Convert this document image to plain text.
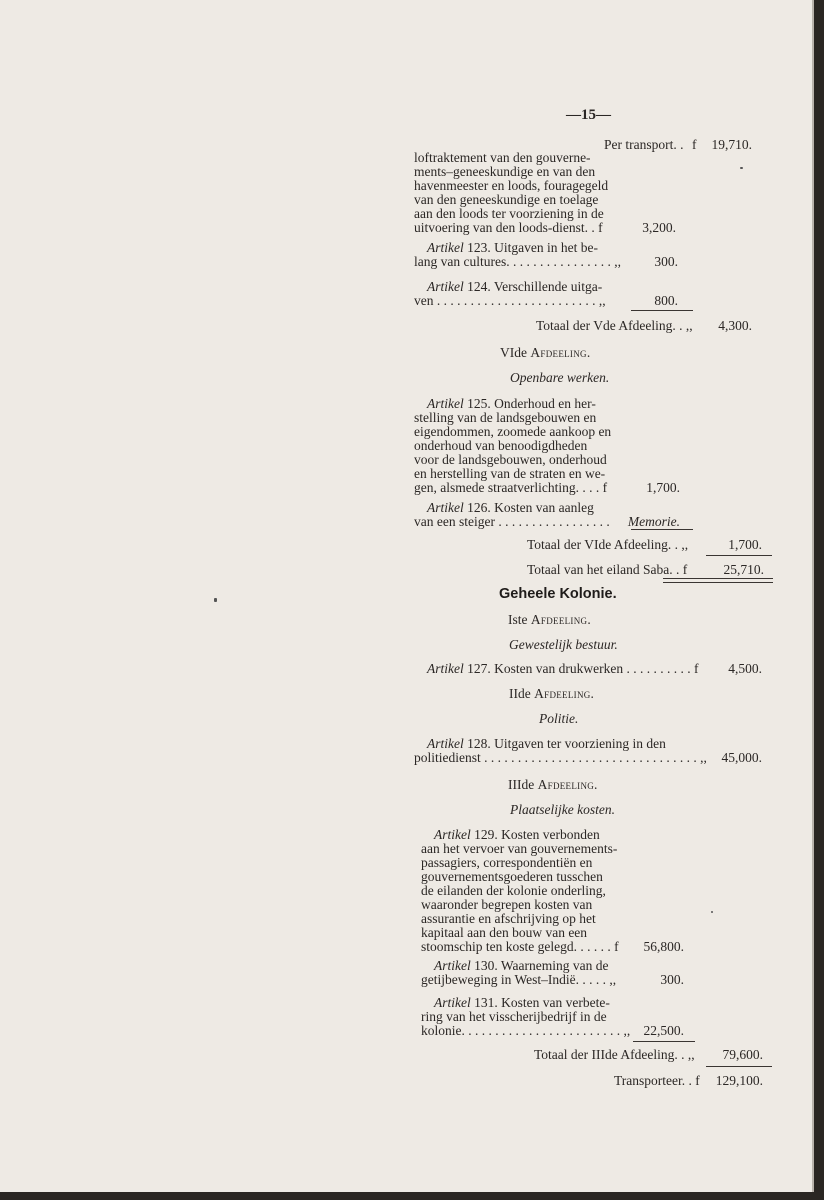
—15—
Per transport. . f	19,710.
loftraktement van den gouverne-
ments–geneeskundige en van den
havenmeester en loods, fouragegeld
van den geneeskundige en toelage
aan den loods ter voorziening in de
uitvoering van den loods-dienst. . f	3,200.
Artikel 123. Uitgaven in het be-
lang van cultures. . . . . . . . . . . . . . . . ,,	300.
Artikel 124. Verschillende uitga-
ven . . . . . . . . . . . . . . . . . . . . . . . . ,,	800.
Totaal der Vde Afdeeling. . ,,	4,300.
VIde Afdeeling.
Openbare werken.
Artikel 125. Onderhoud en her-
stelling van de landsgebouwen en
eigendommen, zoomede aankoop en
onderhoud van benoodigdheden
voor de landsgebouwen, onderhoud
en herstelling van de straten en we-
gen, alsmede straatverlichting. . . . f	1,700.
Artikel 126. Kosten van aanleg
van een steiger . . . . . . . . . . . . . . . . .	Memorie.
Totaal der VIde Afdeeling. . ,,	1,700.
Totaal van het eiland Saba. . f	25,710.
Geheele Kolonie.
Iste Afdeeling.
Gewestelijk bestuur.
Artikel 127. Kosten van drukwerken . . . . . . . . . . f	4,500.
IIde Afdeeling.
Politie.
Artikel 128. Uitgaven ter voorziening in den
politiedienst . . . . . . . . . . . . . . . . . . . . . . . . . . . . . . . . ,,	45,000.
IIIde Afdeeling.
Plaatselijke kosten.
Artikel 129. Kosten verbonden
aan het vervoer van gouvernements-
passagiers, correspondentiën en
gouvernementsgoederen tusschen
de eilanden der kolonie onderling,
waaronder begrepen kosten van
assurantie en afschrijving op het
kapitaal aan den bouw van een
stoomschip ten koste gelegd. . . . . . f	56,800.
Artikel 130. Waarneming van de
getijbeweging in West–Indië. . . . . ,,	300.
Artikel 131. Kosten van verbete-
ring van het visscherijbedrijf in de
kolonie. . . . . . . . . . . . . . . . . . . . . . . . ,, 22,500.
Totaal der IIIde Afdeeling. . ,,	79,600.
Transporteer. . f 129,100.
